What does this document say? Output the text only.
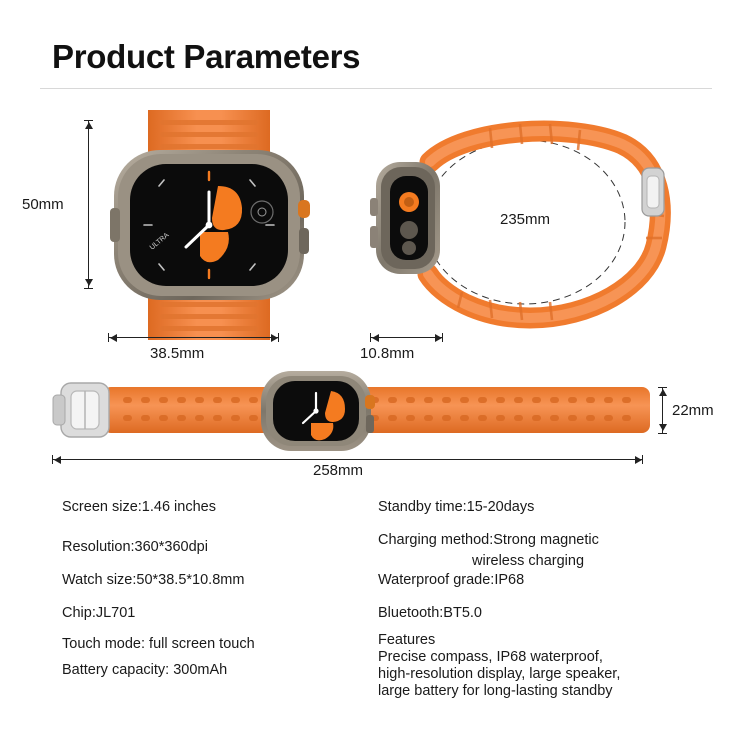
Product Parameters
ULTRA
50mm
38.5mm
235mm
10.8mm
22mm
258mm
Screen size:1.46 inches
Resolution:360*360dpi
Watch size:50*38.5*10.8mm
Chip:JL701
Touch mode: full screen touch
Battery capacity: 300mAh
Standby time:15-20days
Charging method:Strong magnetic
wireless charging
Waterproof grade:IP68
Bluetooth:BT5.0
Features
Precise compass, IP68 waterproof,
high-resolution display, large speaker,
large battery for long-lasting standby
